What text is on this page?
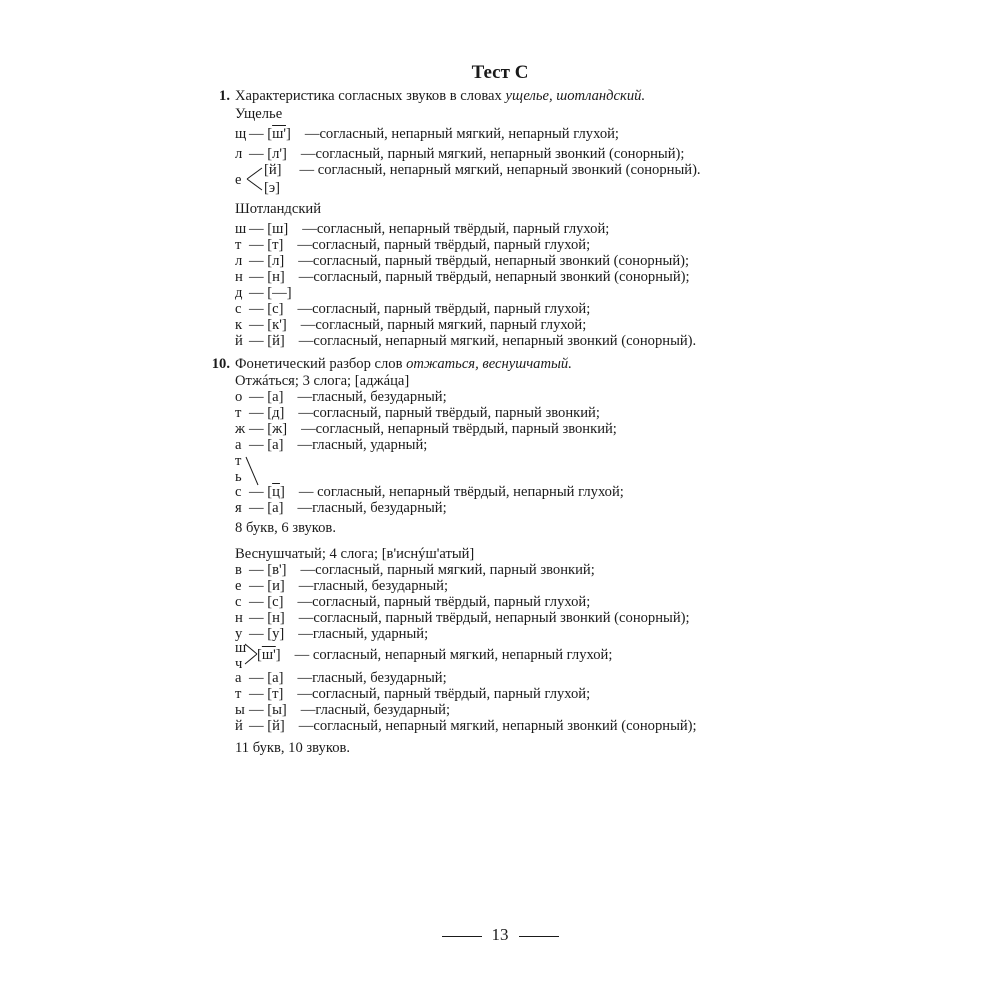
Тест С
1. Характеристика согласных звуков в словах ущелье, шотландский.
Ущелье
щ — [ш'] —согласный, непарный мягкий, непарный глухой;
л — [л'] —согласный, парный мягкий, непарный звонкий (сонорный);
е
[й] — согласный, непарный мягкий, непарный звонкий (сонорный).
[э]
Шотландский
ш — [ш] —согласный, непарный твёрдый, парный глухой;
т — [т] —согласный, парный твёрдый, парный глухой;
л — [л] —согласный, парный твёрдый, непарный звонкий (сонорный);
н — [н] —согласный, парный твёрдый, непарный звонкий (сонорный);
д — [—]
с — [с] —согласный, парный твёрдый, парный глухой;
к — [к'] —согласный, парный мягкий, парный глухой;
й — [й] —согласный, непарный мягкий, непарный звонкий (сонорный).
10. Фонетический разбор слов отжаться, веснушчатый.
Отжáться; 3 слога; [аджáца]
о — [а] —гласный, безударный;
т — [д] —согласный, парный твёрдый, парный звонкий;
ж — [ж] —согласный, непарный твёрдый, парный звонкий;
а — [а] —гласный, ударный;
т
ь
с — [ц] — согласный, непарный твёрдый, непарный глухой;
я — [а] —гласный, безударный;
8 букв, 6 звуков.
Веснушчатый; 4 слога; [в'иснýш'атый]
в — [в'] —согласный, парный мягкий, парный звонкий;
е — [и] —гласный, безударный;
с — [с] —согласный, парный твёрдый, парный глухой;
н — [н] —согласный, парный твёрдый, непарный звонкий (сонорный);
у — [у] —гласный, ударный;
ш
ч
[ш'] — согласный, непарный мягкий, непарный глухой;
а — [а] —гласный, безударный;
т — [т] —согласный, парный твёрдый, парный глухой;
ы — [ы] —гласный, безударный;
й — [й] —согласный, непарный мягкий, непарный звонкий (сонорный);
11 букв, 10 звуков.
13
